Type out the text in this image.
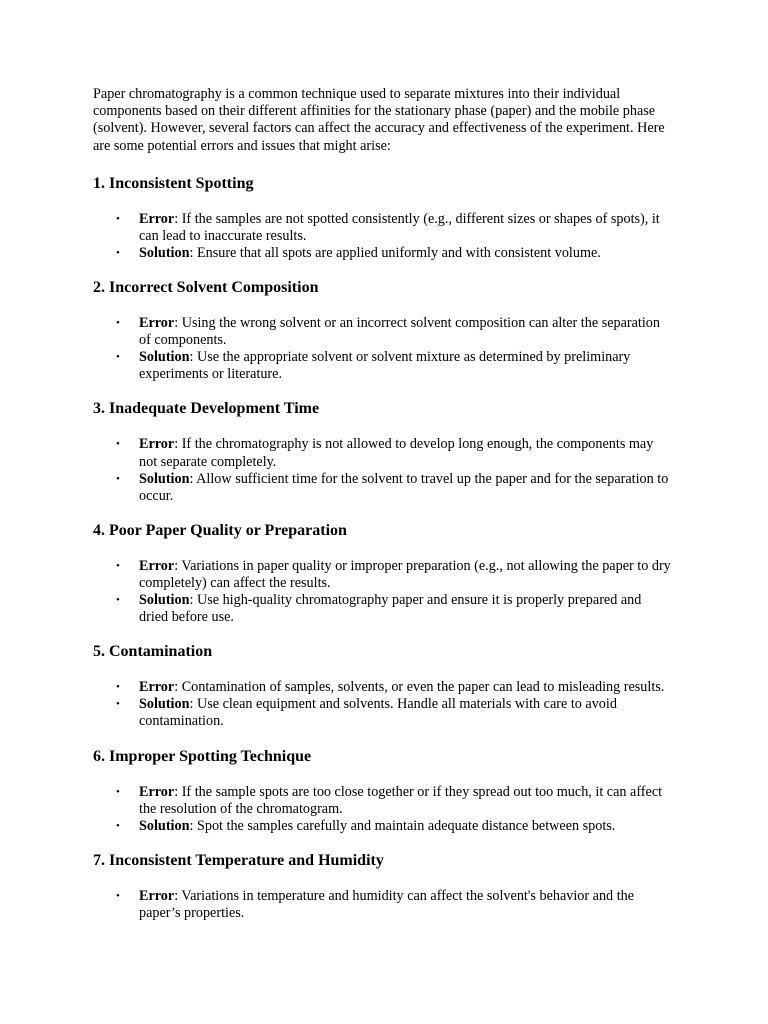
Paper chromatography is a common technique used to separate mixtures into their individual components based on their different affinities for the stationary phase (paper) and the mobile phase (solvent). However, several factors can affect the accuracy and effectiveness of the experiment. Here are some potential errors and issues that might arise:

1. Inconsistent Spotting
• Error: If the samples are not spotted consistently (e.g., different sizes or shapes of spots), it can lead to inaccurate results.
• Solution: Ensure that all spots are applied uniformly and with consistent volume.
2. Incorrect Solvent Composition
• Error: Using the wrong solvent or an incorrect solvent composition can alter the separation of components.
• Solution: Use the appropriate solvent or solvent mixture as determined by preliminary experiments or literature.
3. Inadequate Development Time
• Error: If the chromatography is not allowed to develop long enough, the components may not separate completely.
• Solution: Allow sufficient time for the solvent to travel up the paper and for the separation to occur.
4. Poor Paper Quality or Preparation
• Error: Variations in paper quality or improper preparation (e.g., not allowing the paper to dry completely) can affect the results.
• Solution: Use high-quality chromatography paper and ensure it is properly prepared and dried before use.
5. Contamination
• Error: Contamination of samples, solvents, or even the paper can lead to misleading results.
• Solution: Use clean equipment and solvents. Handle all materials with care to avoid contamination.
6. Improper Spotting Technique
• Error: If the sample spots are too close together or if they spread out too much, it can affect the resolution of the chromatogram.
• Solution: Spot the samples carefully and maintain adequate distance between spots.
7. Inconsistent Temperature and Humidity
• Error: Variations in temperature and humidity can affect the solvent's behavior and the paper’s properties.
